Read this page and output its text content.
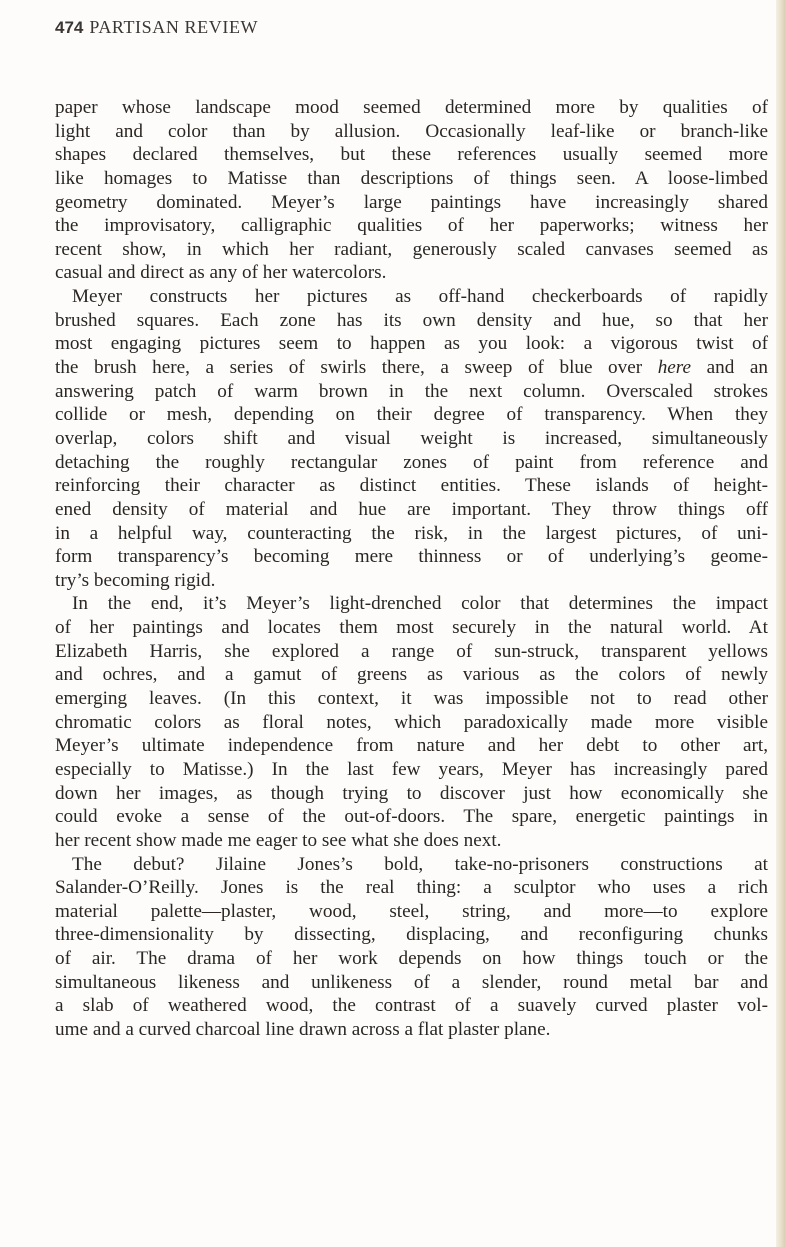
474 PARTISAN REVIEW
paper whose landscape mood seemed determined more by qualities of
light and color than by allusion. Occasionally leaf-like or branch-like
shapes declared themselves, but these references usually seemed more
like homages to Matisse than descriptions of things seen. A loose-limbed
geometry dominated. Meyer’s large paintings have increasingly shared
the improvisatory, calligraphic qualities of her paperworks; witness her
recent show, in which her radiant, generously scaled canvases seemed as
casual and direct as any of her watercolors.
Meyer constructs her pictures as off-hand checkerboards of rapidly
brushed squares. Each zone has its own density and hue, so that her
most engaging pictures seem to happen as you look: a vigorous twist of
the brush here, a series of swirls there, a sweep of blue over here and an
answering patch of warm brown in the next column. Overscaled strokes
collide or mesh, depending on their degree of transparency. When they
overlap, colors shift and visual weight is increased, simultaneously
detaching the roughly rectangular zones of paint from reference and
reinforcing their character as distinct entities. These islands of height-
ened density of material and hue are important. They throw things off
in a helpful way, counteracting the risk, in the largest pictures, of uni-
form transparency’s becoming mere thinness or of underlying’s geome-
try’s becoming rigid.
In the end, it’s Meyer’s light-drenched color that determines the impact
of her paintings and locates them most securely in the natural world. At
Elizabeth Harris, she explored a range of sun-struck, transparent yellows
and ochres, and a gamut of greens as various as the colors of newly
emerging leaves. (In this context, it was impossible not to read other
chromatic colors as floral notes, which paradoxically made more visible
Meyer’s ultimate independence from nature and her debt to other art,
especially to Matisse.) In the last few years, Meyer has increasingly pared
down her images, as though trying to discover just how economically she
could evoke a sense of the out-of-doors. The spare, energetic paintings in
her recent show made me eager to see what she does next.
The debut? Jilaine Jones’s bold, take-no-prisoners constructions at
Salander-O’Reilly. Jones is the real thing: a sculptor who uses a rich
material palette—plaster, wood, steel, string, and more—to explore
three-dimensionality by dissecting, displacing, and reconfiguring chunks
of air. The drama of her work depends on how things touch or the
simultaneous likeness and unlikeness of a slender, round metal bar and
a slab of weathered wood, the contrast of a suavely curved plaster vol-
ume and a curved charcoal line drawn across a flat plaster plane.
